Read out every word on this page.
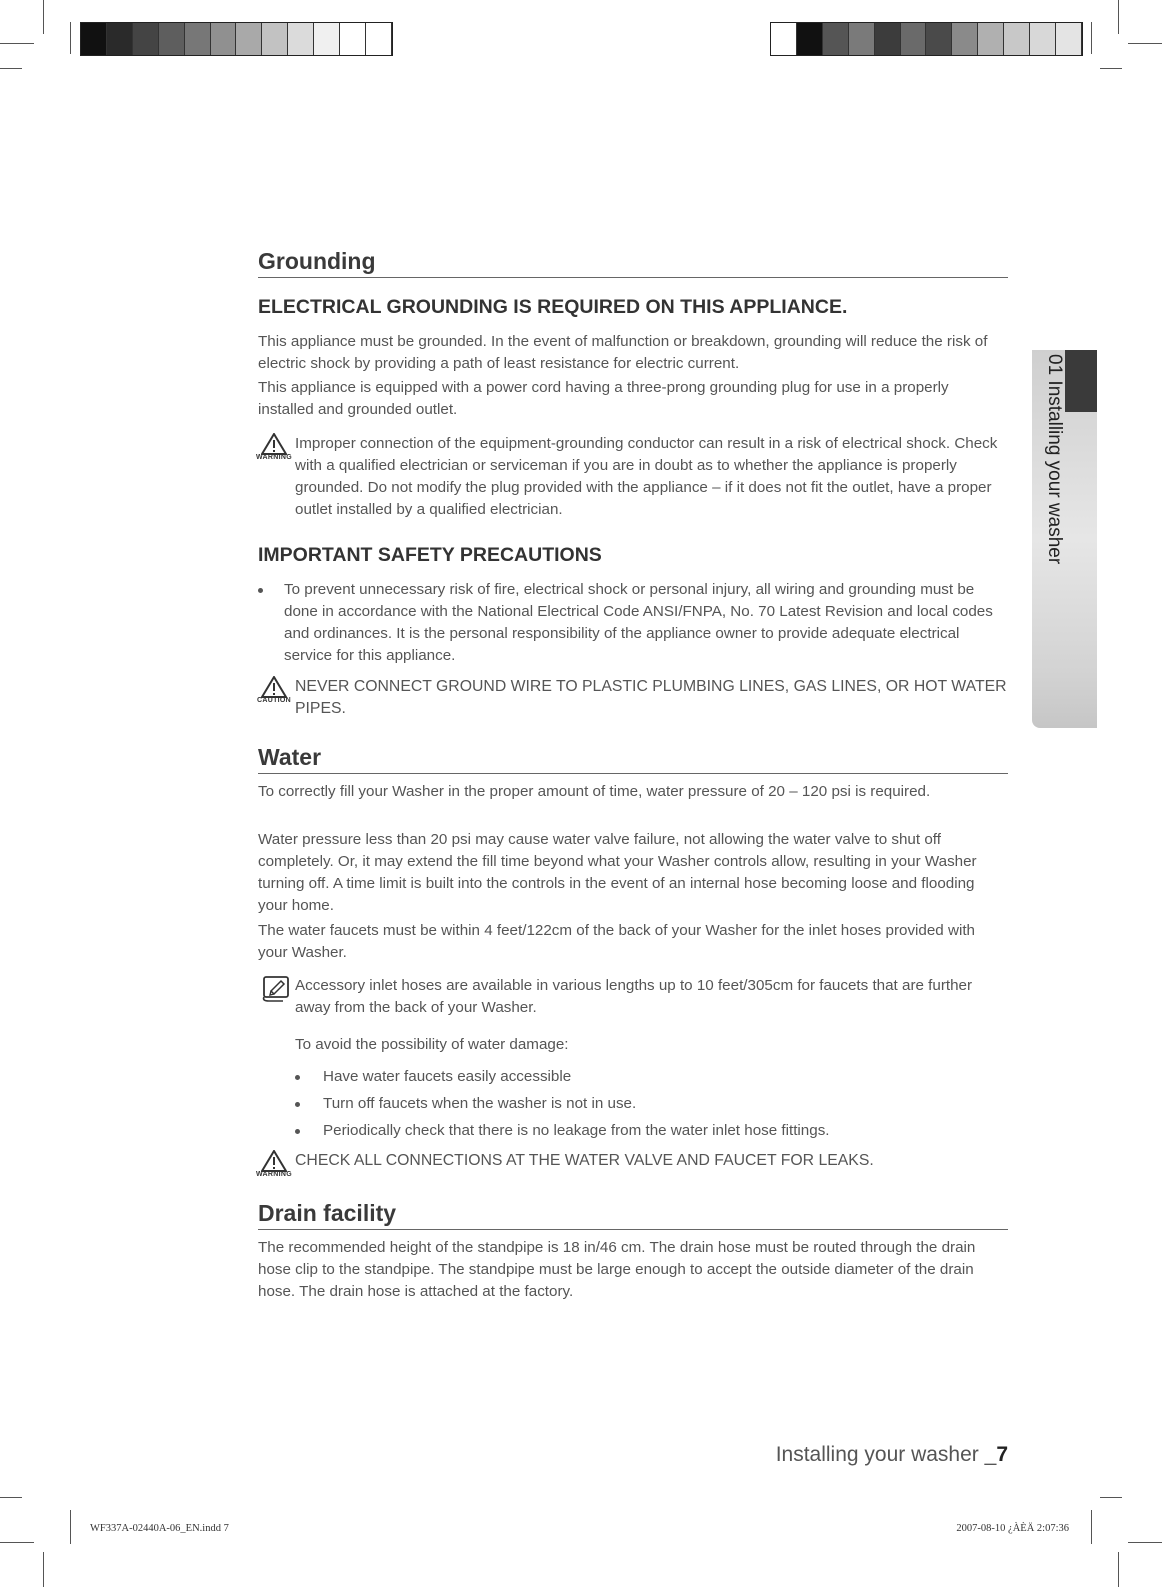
01 Installing your washer
Grounding
ELECTRICAL GROUNDING IS REQUIRED ON THIS APPLIANCE.

This appliance must be grounded. In the event of malfunction or breakdown, grounding will reduce the risk of electric shock by providing a path of least resistance for electric current.

This appliance is equipped with a power cord having a three-prong grounding plug for use in a properly installed and grounded outlet.

WARNING

Improper connection of the equipment-grounding conductor can result in a risk of electrical shock. Check with a qualified electrician or serviceman if you are in doubt as to whether the appliance is properly grounded. Do not modify the plug provided with the appliance – if it does not fit the outlet, have a proper outlet installed by a qualified electrician.

IMPORTANT SAFETY PRECAUTIONS

To prevent unnecessary risk of fire, electrical shock or personal injury, all wiring and grounding must be done in accordance with the National Electrical Code ANSI/FNPA, No. 70 Latest Revision and local codes and ordinances. It is the personal responsibility of the appliance owner to provide adequate electrical service for this appliance.

CAUTION

NEVER CONNECT GROUND WIRE TO PLASTIC PLUMBING LINES, GAS LINES, OR HOT WATER PIPES.

Water

To correctly fill your Washer in the proper amount of time, water pressure of 20 – 120 psi is required.

Water pressure less than 20 psi may cause water valve failure, not allowing the water valve to shut off completely. Or, it may extend the fill time beyond what your Washer controls allow, resulting in your Washer turning off. A time limit is built into the controls in the event of an internal hose becoming loose and flooding your home.

The water faucets must be within 4 feet/122cm of the back of your Washer for the inlet hoses provided with your Washer.

Accessory inlet hoses are available in various lengths up to 10 feet/305cm for faucets that are further away from the back of your Washer.

To avoid the possibility of water damage:

Have water faucets easily accessible

Turn off faucets when the washer is not in use.

Periodically check that there is no leakage from the water inlet hose fittings.

WARNING

CHECK ALL CONNECTIONS AT THE WATER VALVE AND FAUCET FOR LEAKS.

Drain facility

The recommended height of the standpipe is 18 in/46 cm. The drain hose must be routed through the drain hose clip to the standpipe. The standpipe must be large enough to accept the outside diameter of the drain hose. The drain hose is attached at the factory.

Installing your washer _7
WF337A-02440A-06_EN.indd 7	2007-08-10 ¿ÀÈÄ 2:07:36
